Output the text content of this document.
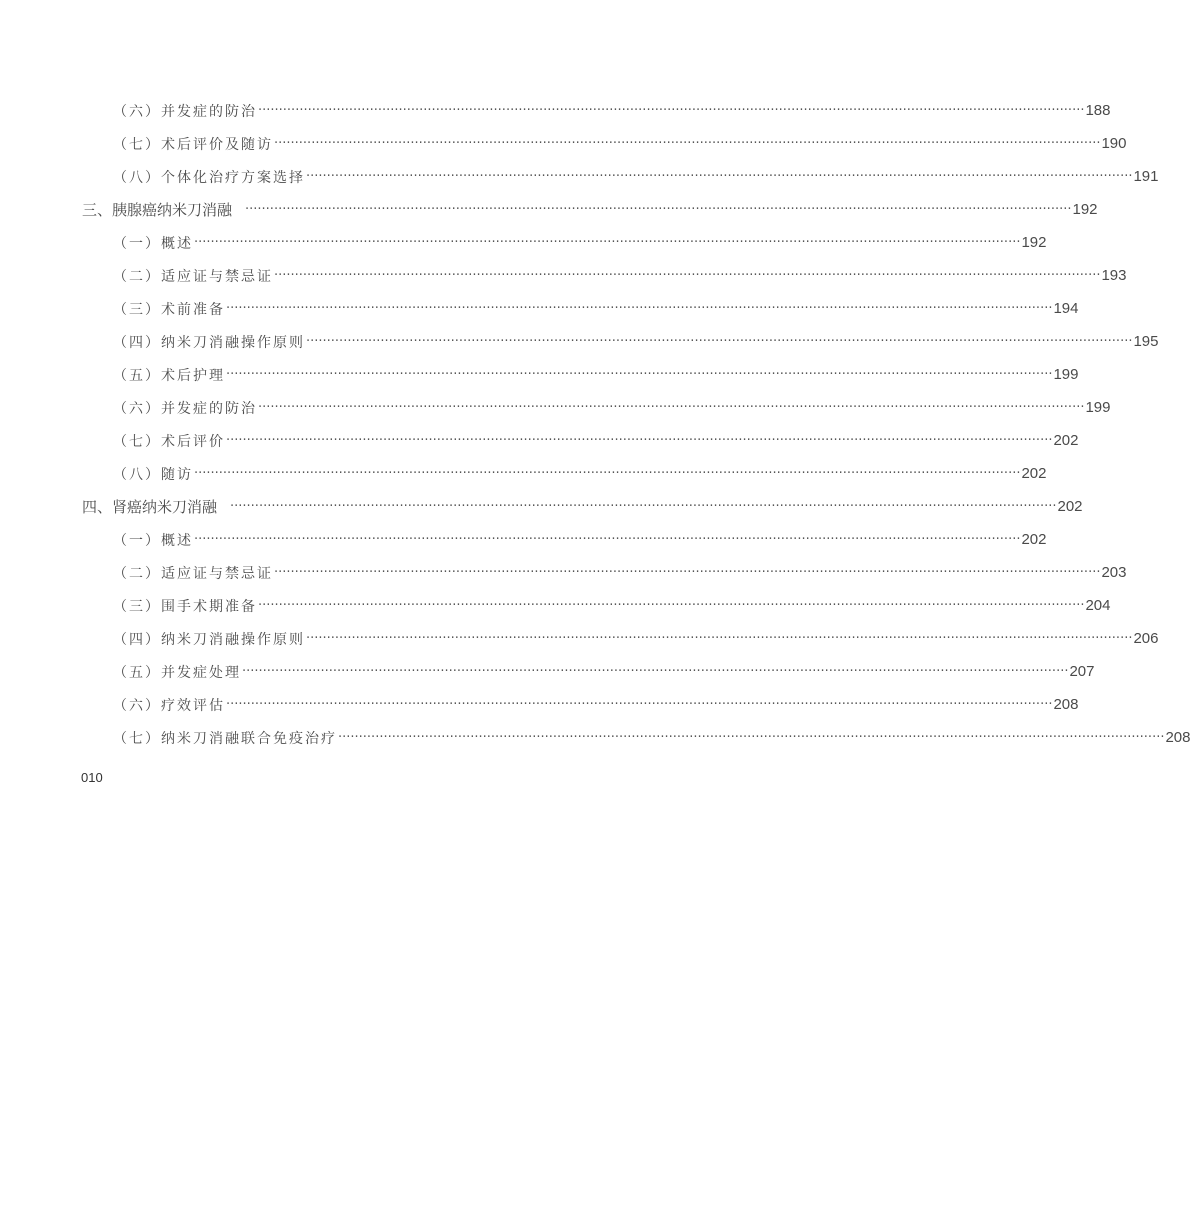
（六）并发症的防治 ········································································································································································································ 188
（七）术后评价及随访 ········································································································································································································ 190
（八）个体化治疗方案选择 ········································································································································································································ 191
三、胰腺癌纳米刀消融 ········································································································································································································ 192
（一）概述 ········································································································································································································ 192
（二）适应证与禁忌证 ········································································································································································································ 193
（三）术前准备 ········································································································································································································ 194
（四）纳米刀消融操作原则 ········································································································································································································ 195
（五）术后护理 ········································································································································································································ 199
（六）并发症的防治 ········································································································································································································ 199
（七）术后评价 ········································································································································································································ 202
（八）随访 ········································································································································································································ 202
四、肾癌纳米刀消融 ········································································································································································································ 202
（一）概述 ········································································································································································································ 202
（二）适应证与禁忌证 ········································································································································································································ 203
（三）围手术期准备 ········································································································································································································ 204
（四）纳米刀消融操作原则 ········································································································································································································ 206
（五）并发症处理 ········································································································································································································ 207
（六）疗效评估 ········································································································································································································ 208
（七）纳米刀消融联合免疫治疗 ········································································································································································································ 208
010
